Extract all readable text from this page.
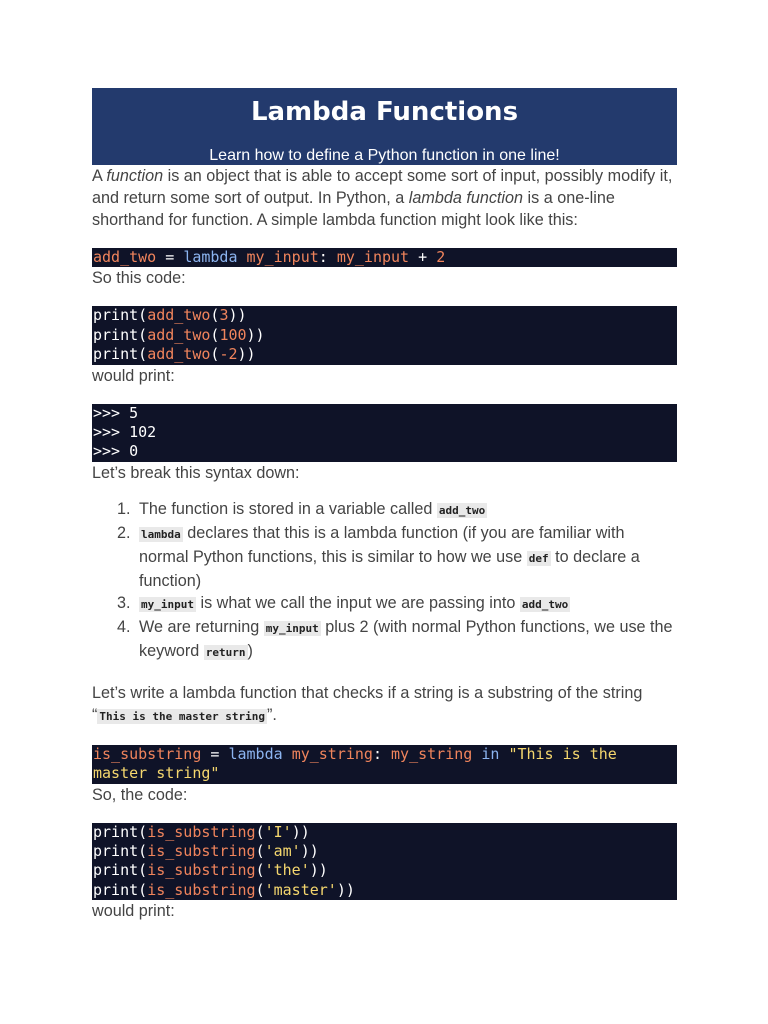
Lambda Functions
Learn how to define a Python function in one line!

A function is an object that is able to accept some sort of input, possibly modify it, and return some sort of output. In Python, a lambda function is a one-line shorthand for function. A simple lambda function might look like this:

add_two = lambda my_input: my_input + 2

So this code:

print(add_two(3))
print(add_two(100))
print(add_two(-2))

would print:

>>> 5
>>> 102
>>> 0

Let’s break this syntax down:

1. The function is stored in a variable called add_two
2. lambda declares that this is a lambda function (if you are familiar with normal Python functions, this is similar to how we use def to declare a function)
3. my_input is what we call the input we are passing into add_two
4. We are returning my_input plus 2 (with normal Python functions, we use the keyword return )

Let’s write a lambda function that checks if a string is a substring of the string “ This is the master string ”.

is_substring = lambda my_string: my_string in "This is the
master string"

So, the code:

print(is_substring('I'))
print(is_substring('am'))
print(is_substring('the'))
print(is_substring('master'))

would print:
